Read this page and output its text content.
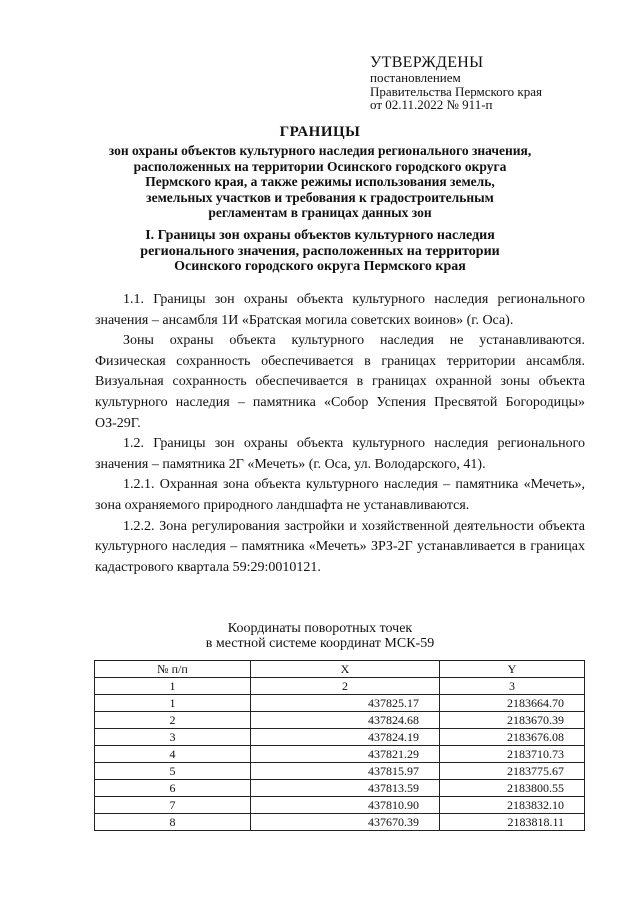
УТВЕРЖДЕНЫ
постановлением
Правительства Пермского края
от 02.11.2022 № 911-п
ГРАНИЦЫ
зон охраны объектов культурного наследия регионального значения,
расположенных на территории Осинского городского округа
Пермского края, а также режимы использования земель,
земельных участков и требования к градостроительным
регламентам в границах данных зон
I. Границы зон охраны объектов культурного наследия
регионального значения, расположенных на территории
Осинского городского округа Пермского края

1.1. Границы зон охраны объекта культурного наследия регионального значения – ансамбля 1И «Братская могила советских воинов» (г. Оса).

Зоны охраны объекта культурного наследия не устанавливаются. Физическая сохранность обеспечивается в границах территории ансамбля. Визуальная сохранность обеспечивается в границах охранной зоны объекта культурного наследия – памятника «Собор Успения Пресвятой Богородицы» ОЗ-29Г.

1.2. Границы зон охраны объекта культурного наследия регионального значения – памятника 2Г «Мечеть» (г. Оса, ул. Володарского, 41).

1.2.1. Охранная зона объекта культурного наследия – памятника «Мечеть», зона охраняемого природного ландшафта не устанавливаются.

1.2.2. Зона регулирования застройки и хозяйственной деятельности объекта культурного наследия – памятника «Мечеть» ЗРЗ-2Г устанавливается в границах кадастрового квартала 59:29:0010121.

Координаты поворотных точек
в местной системе координат МСК-59
№ п/п	X	Y
1	2	3
1	437825.17	2183664.70
2	437824.68	2183670.39
3	437824.19	2183676.08
4	437821.29	2183710.73
5	437815.97	2183775.67
6	437813.59	2183800.55
7	437810.90	2183832.10
8	437670.39	2183818.11
